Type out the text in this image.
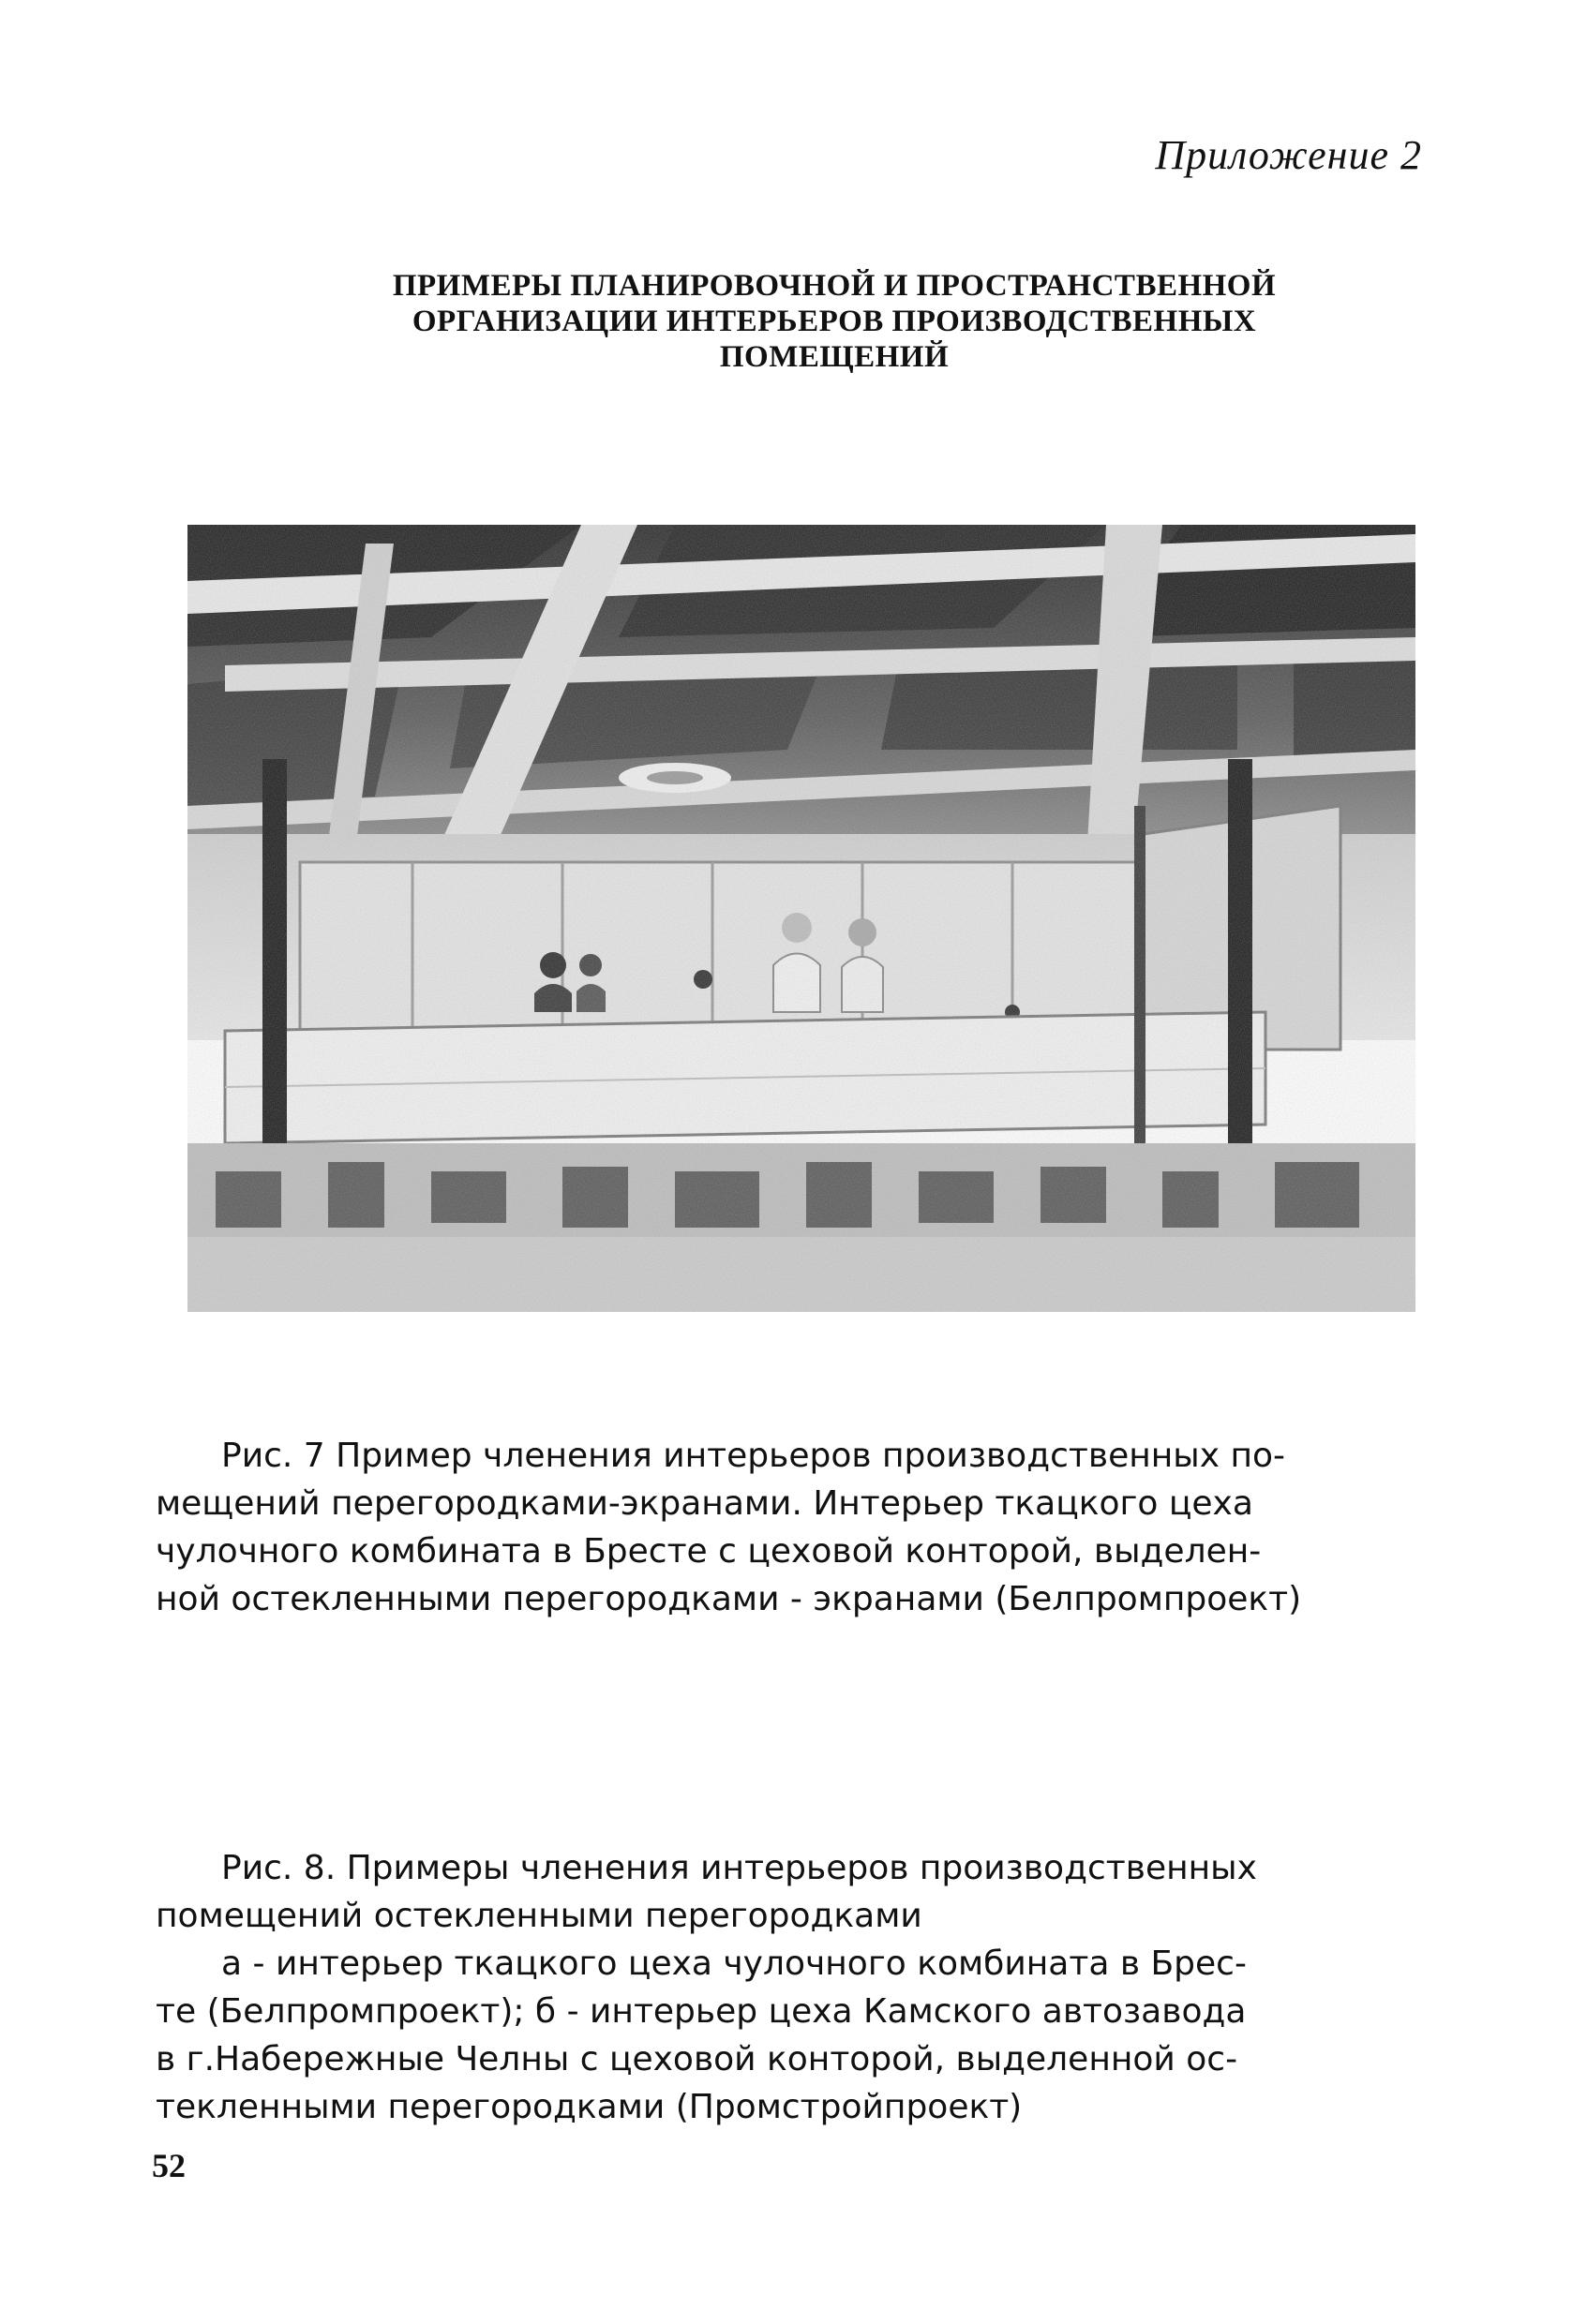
Приложение 2
ПРИМЕРЫ ПЛАНИРОВОЧНОЙ И ПРОСТРАНСТВЕННОЙ
ОРГАНИЗАЦИИ ИНТЕРЬЕРОВ ПРОИЗВОДСТВЕННЫХ
ПОМЕЩЕНИЙ
Рис. 7 Пример членения интерьеров производственных по-
мещений перегородками-экранами. Интерьер ткацкого цеха
чулочного комбината в Бресте с цеховой конторой, выделен-
ной остекленными перегородками - экранами (Белпромпроект)
Рис. 8. Примеры членения интерьеров производственных
помещений остекленными перегородками
а - интерьер ткацкого цеха чулочного комбината в Брес-
те (Белпромпроект); б - интерьер цеха Камского автозавода
в г.Набережные Челны с цеховой конторой, выделенной ос-
текленными перегородками (Промстройпроект)
52
